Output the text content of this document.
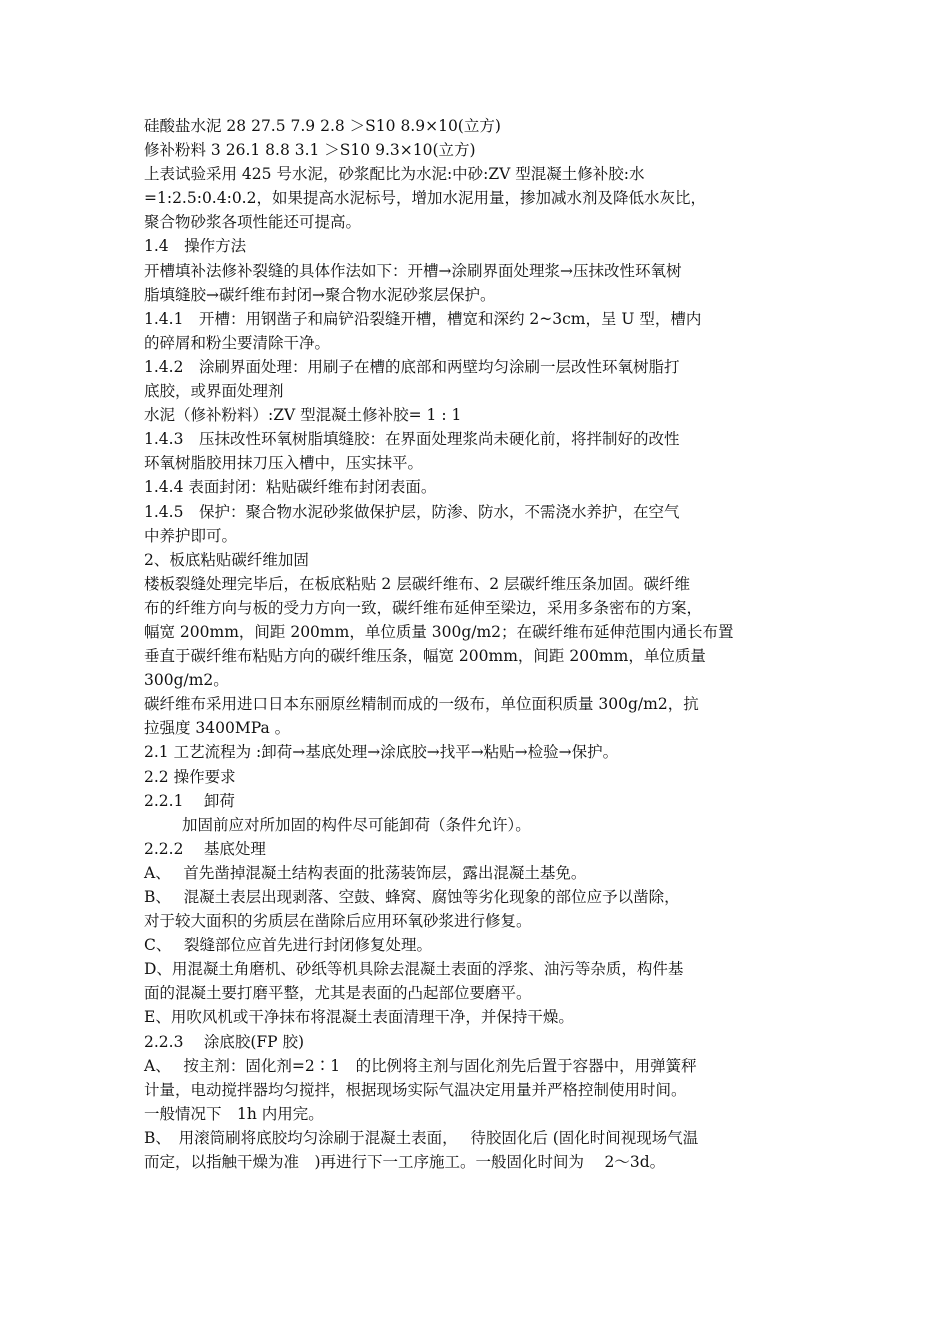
硅酸盐水泥 28 27.5 7.9 2.8 ＞S10 8.9×10(立方)
修补粉料 3 26.1 8.8 3.1 ＞S10 9.3×10(立方)
上表试验采用 425 号水泥，砂浆配比为水泥:中砂:ZV 型混凝土修补胶:水
=1:2.5:0.4:0.2，如果提高水泥标号，增加水泥用量，掺加减水剂及降低水灰比，
聚合物砂浆各项性能还可提高。
1.4　操作方法
开槽填补法修补裂缝的具体作法如下：开槽→涂刷界面处理浆→压抹改性环氧树
脂填缝胶→碳纤维布封闭→聚合物水泥砂浆层保护。
1.4.1　开槽：用钢凿子和扁铲沿裂缝开槽，槽宽和深约 2~3cm，呈 U 型，槽内
的碎屑和粉尘要清除干净。
1.4.2　涂刷界面处理：用刷子在槽的底部和两壁均匀涂刷一层改性环氧树脂打
底胶，或界面处理剂
水泥（修补粉料）:ZV 型混凝土修补胶= 1 : 1
1.4.3　压抹改性环氧树脂填缝胶：在界面处理浆尚未硬化前，将拌制好的改性
环氧树脂胶用抹刀压入槽中，压实抹平。
1.4.4 表面封闭：粘贴碳纤维布封闭表面。
1.4.5　保护：聚合物水泥砂浆做保护层，防渗、防水，不需浇水养护，在空气
中养护即可。
2、板底粘贴碳纤维加固
楼板裂缝处理完毕后，在板底粘贴 2 层碳纤维布、2 层碳纤维压条加固。碳纤维
布的纤维方向与板的受力方向一致，碳纤维布延伸至梁边，采用多条密布的方案，
幅宽 200mm，间距 200mm，单位质量 300g/m2；在碳纤维布延伸范围内通长布置
垂直于碳纤维布粘贴方向的碳纤维压条，幅宽 200mm，间距 200mm，单位质量
300g/m2。
碳纤维布采用进口日本东丽原丝精制而成的一级布，单位面积质量 300g/m2，抗
拉强度 3400MPa 。
2.1 工艺流程为 :卸荷→基底处理→涂底胶→找平→粘贴→检验→保护。
2.2 操作要求
2.2.1　 卸荷
加固前应对所加固的构件尽可能卸荷（条件允许）。
2.2.2　 基底处理
A、　 首先凿掉混凝土结构表面的批荡装饰层，露出混凝土基免。
B、　 混凝土表层出现剥落、空鼓、蜂窝、腐蚀等劣化现象的部位应予以凿除，
对于较大面积的劣质层在凿除后应用环氧砂浆进行修复。
C、　 裂缝部位应首先进行封闭修复处理。
D、用混凝土角磨机、砂纸等机具除去混凝土表面的浮浆、油污等杂质，构件基
面的混凝土要打磨平整，尤其是表面的凸起部位要磨平。
E、用吹风机或干净抹布将混凝土表面清理干净，并保持干燥。
2.2.3　 涂底胶(FP 胶)
A、　 按主剂：固化剂=2∶1　的比例将主剂与固化剂先后置于容器中，用弹簧秤
计量，电动搅拌器均匀搅拌，根据现场实际气温决定用量并严格控制使用时间。
一般情况下　1h 内用完。
B、　用滚筒刷将底胶均匀涂刷于混凝土表面，　 待胶固化后 (固化时间视现场气温
而定，以指触干燥为准　)再进行下一工序施工。一般固化时间为　 2～3d。
